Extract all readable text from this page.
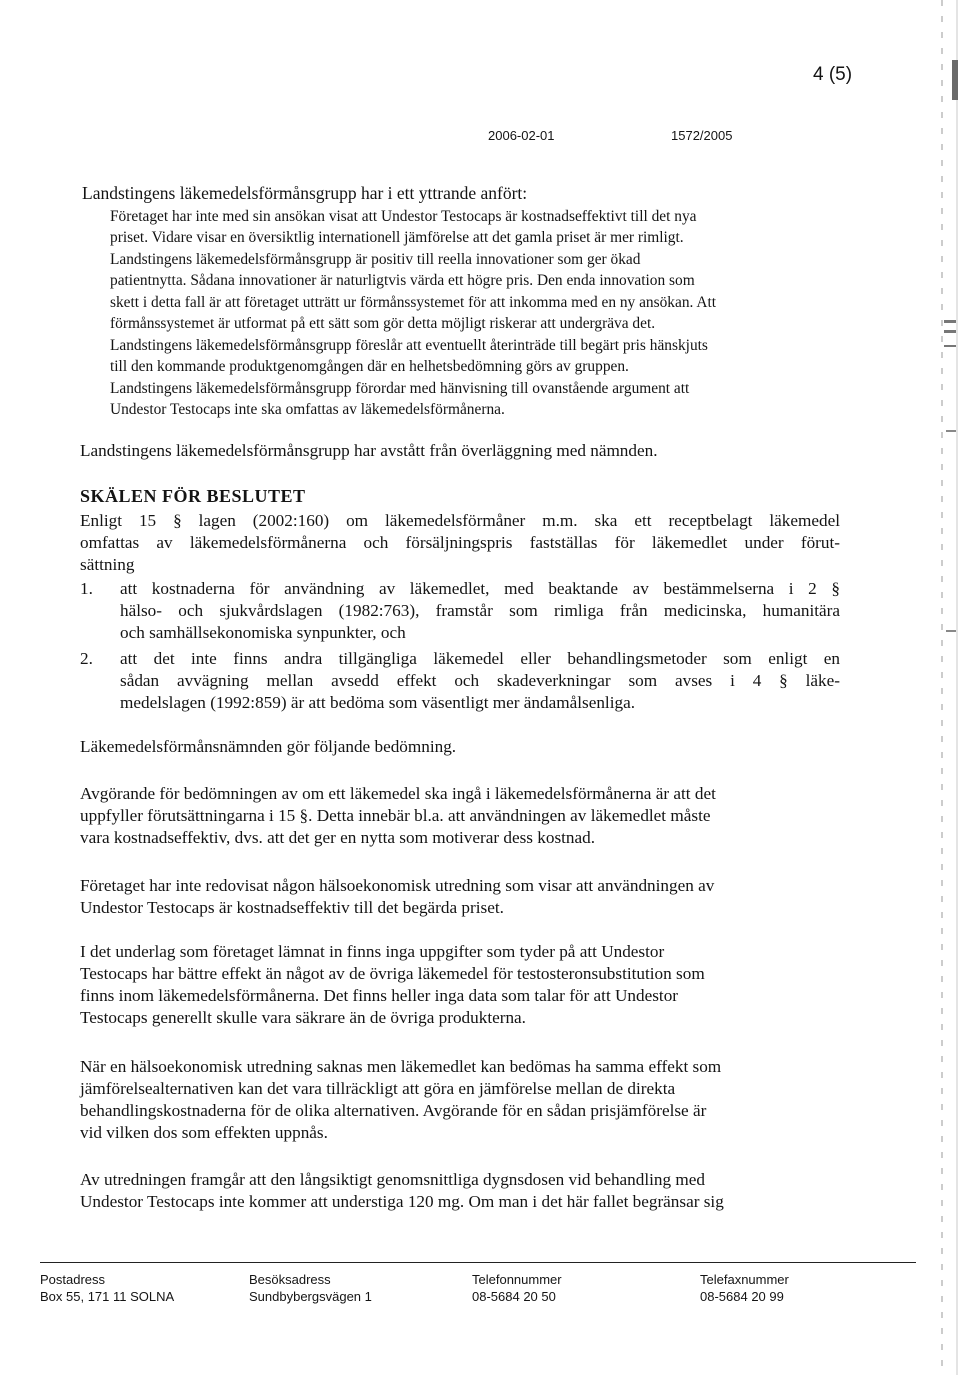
4 (5)
2006-02-01	1572/2005
Landstingens läkemedelsförmånsgrupp har i ett yttrande anfört:
Företaget har inte med sin ansökan visat att Undestor Testocaps är kostnadseffektivt till det nya
priset. Vidare visar en översiktlig internationell jämförelse att det gamla priset är mer rimligt.
Landstingens läkemedelsförmånsgrupp är positiv till reella innovationer som ger ökad
patientnytta. Sådana innovationer är naturligtvis värda ett högre pris. Den enda innovation som
skett i detta fall är att företaget utträtt ur förmånssystemet för att inkomma med en ny ansökan. Att
förmånssystemet är utformat på ett sätt som gör detta möjligt riskerar att undergräva det.
Landstingens läkemedelsförmånsgrupp föreslår att eventuellt återinträde till begärt pris hänskjuts
till den kommande produktgenomgången där en helhetsbedömning görs av gruppen.
Landstingens läkemedelsförmånsgrupp förordar med hänvisning till ovanstående argument att
Undestor Testocaps inte ska omfattas av läkemedelsförmånerna.
Landstingens läkemedelsförmånsgrupp har avstått från överläggning med nämnden.
SKÄLEN FÖR BESLUTET
Enligt 15 § lagen (2002:160) om läkemedelsförmåner m.m. ska ett receptbelagt läkemedel
omfattas av läkemedelsförmånerna och försäljningspris fastställas för läkemedlet under förut-
sättning
1. att kostnaderna för användning av läkemedlet, med beaktande av bestämmelserna i 2 §
hälso- och sjukvårdslagen (1982:763), framstår som rimliga från medicinska, humanitära
och samhällsekonomiska synpunkter, och
2. att det inte finns andra tillgängliga läkemedel eller behandlingsmetoder som enligt en
sådan avvägning mellan avsedd effekt och skadeverkningar som avses i 4 § läke-
medelslagen (1992:859) är att bedöma som väsentligt mer ändamålsenliga.
Läkemedelsförmånsnämnden gör följande bedömning.
Avgörande för bedömningen av om ett läkemedel ska ingå i läkemedelsförmånerna är att det
uppfyller förutsättningarna i 15 §. Detta innebär bl.a. att användningen av läkemedlet måste
vara kostnadseffektiv, dvs. att det ger en nytta som motiverar dess kostnad.
Företaget har inte redovisat någon hälsoekonomisk utredning som visar att användningen av
Undestor Testocaps är kostnadseffektiv till det begärda priset.
I det underlag som företaget lämnat in finns inga uppgifter som tyder på att Undestor
Testocaps har bättre effekt än något av de övriga läkemedel för testosteronsubstitution som
finns inom läkemedelsförmånerna. Det finns heller inga data som talar för att Undestor
Testocaps generellt skulle vara säkrare än de övriga produkterna.
När en hälsoekonomisk utredning saknas men läkemedlet kan bedömas ha samma effekt som
jämförelsealternativen kan det vara tillräckligt att göra en jämförelse mellan de direkta
behandlingskostnaderna för de olika alternativen. Avgörande för en sådan prisjämförelse är
vid vilken dos som effekten uppnås.
Av utredningen framgår att den långsiktigt genomsnittliga dygnsdosen vid behandling med
Undestor Testocaps inte kommer att understiga 120 mg. Om man i det här fallet begränsar sig
Postadress
Box 55, 171 11 SOLNA
Besöksadress
Sundbybergsvägen 1
Telefonnummer
08-5684 20 50
Telefaxnummer
08-5684 20 99
